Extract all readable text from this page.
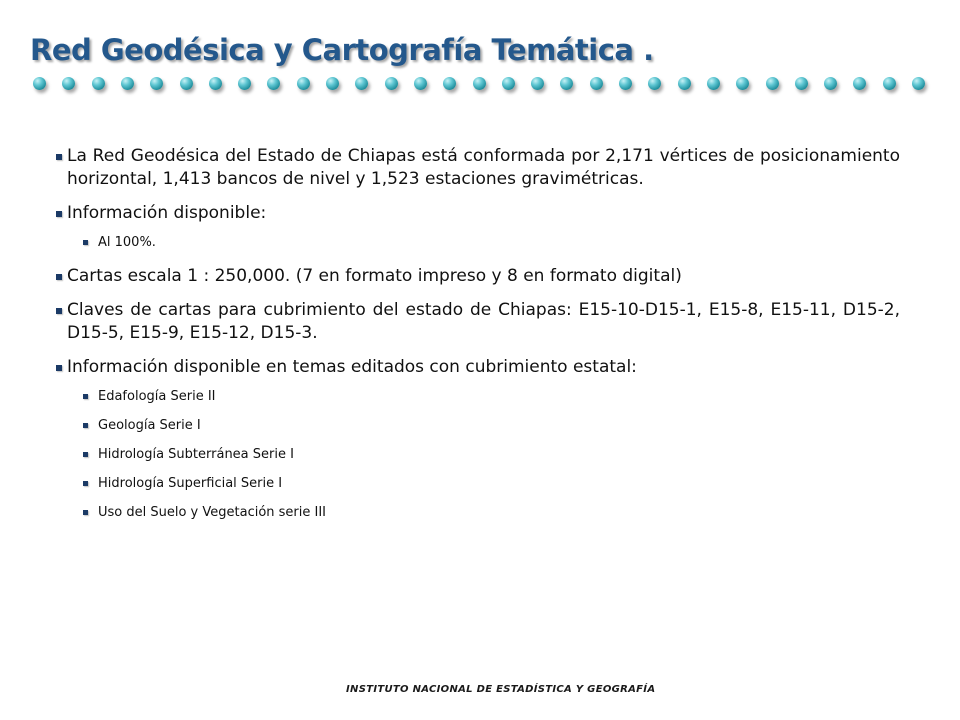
Red Geodésica y Cartografía Temática .
La Red Geodésica del Estado de Chiapas está conformada por 2,171 vértices de posicionamiento horizontal, 1,413 bancos de nivel y 1,523 estaciones gravimétricas.
Información disponible:
Al 100%.
Cartas escala 1 : 250,000. (7 en formato impreso y 8 en formato digital)
Claves de cartas para cubrimiento del estado de Chiapas: E15-10-D15-1, E15-8, E15-11, D15-2, D15-5, E15-9, E15-12, D15-3.
Información disponible en temas editados con cubrimiento estatal:
Edafología Serie II
Geología Serie I
Hidrología Subterránea Serie I
Hidrología Superficial Serie I
Uso del Suelo y Vegetación serie III
INSTITUTO NACIONAL DE ESTADÍSTICA Y GEOGRAFÍA
